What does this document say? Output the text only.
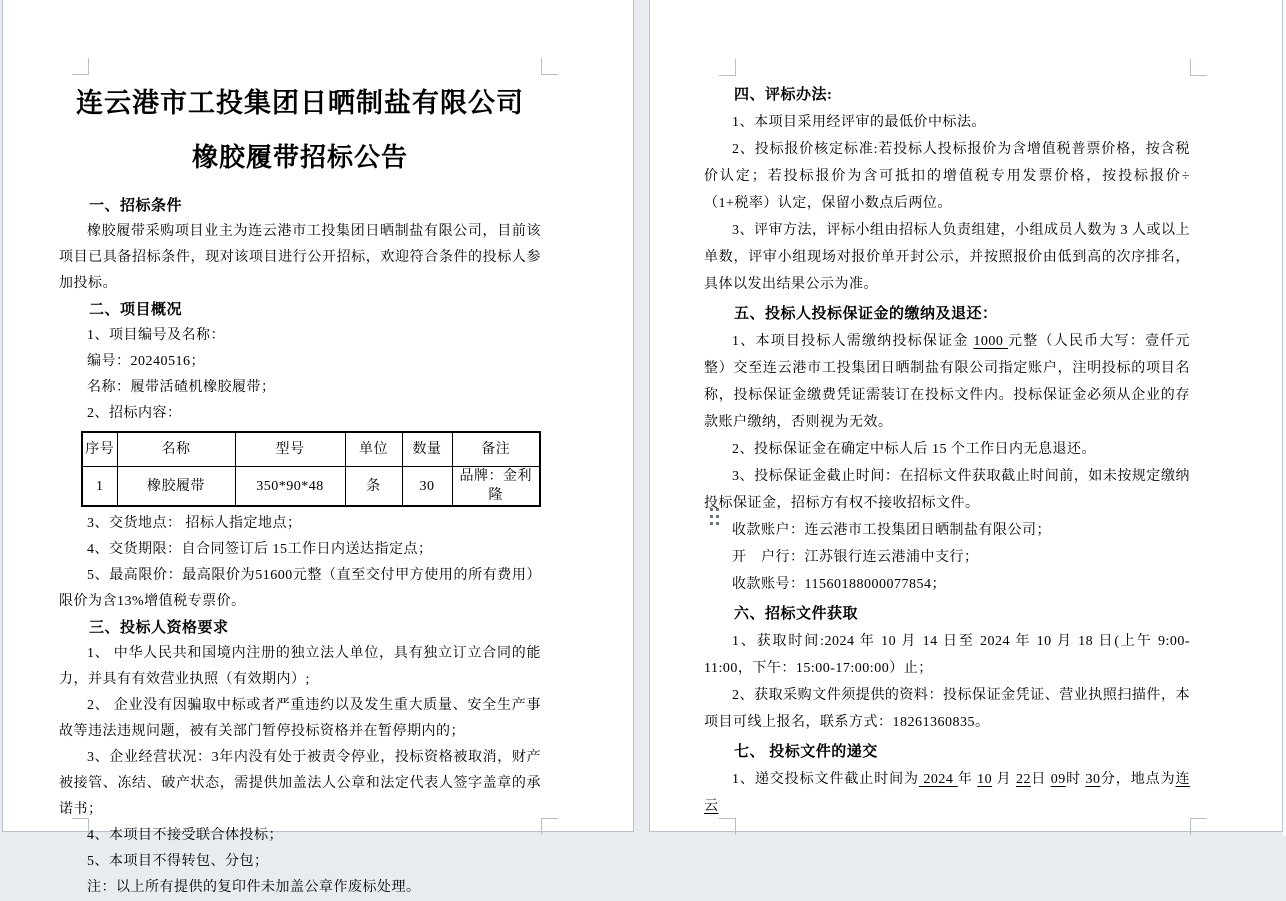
连云港市工投集团日晒制盐有限公司
橡胶履带招标公告

一、招标条件

橡胶履带采购项目业主为连云港市工投集团日晒制盐有限公司，目前该项目已具备招标条件，现对该项目进行公开招标，欢迎符合条件的投标人参加投标。

二、项目概况

1、项目编号及名称：

编号：20240516；

名称：履带活碴机橡胶履带；

2、招标内容：

序号	名称	型号	单位	数量	备注
1	橡胶履带	350*90*48	条	30	品牌：金利隆

3、交货地点： 招标人指定地点；

4、交货期限：自合同签订后 15工作日内送达指定点；

5、最高限价：最高限价为51600元整（直至交付甲方使用的所有费用）限价为含13%增值税专票价。

三、投标人资格要求

1、 中华人民共和国境内注册的独立法人单位，具有独立订立合同的能力，并具有有效营业执照（有效期内）;

2、 企业没有因骗取中标或者严重违约以及发生重大质量、安全生产事故等违法违规问题，被有关部门暂停投标资格并在暂停期内的；

3、企业经营状况：3年内没有处于被责令停业，投标资格被取消，财产被接管、冻结、破产状态，需提供加盖法人公章和法定代表人签字盖章的承诺书；

4、本项目不接受联合体投标；

5、本项目不得转包、分包；

注：以上所有提供的复印件未加盖公章作废标处理。

四、评标办法:

1、本项目采用经评审的最低价中标法。

2、投标报价核定标准:若投标人投标报价为含增值税普票价格，按含税价认定；若投标报价为含可抵扣的增值税专用发票价格，按投标报价÷（1+税率）认定，保留小数点后两位。

3、评审方法，评标小组由招标人负责组建，小组成员人数为 3 人或以上单数，评审小组现场对报价单开封公示，并按照报价由低到高的次序排名，具体以发出结果公示为准。

五、投标人投标保证金的缴纳及退还：

1、本项目投标人需缴纳投标保证金 1000 元整（人民币大写：壹仟元整）交至连云港市工投集团日晒制盐有限公司指定账户，注明投标的项目名称，投标保证金缴费凭证需装订在投标文件内。投标保证金必须从企业的存款账户缴纳，否则视为无效。

2、投标保证金在确定中标人后 15 个工作日内无息退还。

3、投标保证金截止时间：在招标文件获取截止时间前，如未按规定缴纳投标保证金，招标方有权不接收招标文件。

收款账户：连云港市工投集团日晒制盐有限公司；

开　户行：江苏银行连云港浦中支行；

收款账号：11560188000077854；

六、招标文件获取

1、获取时间:2024 年 10 月 14 日至 2024 年 10 月 18 日(上午 9:00-11:00，下午：15:00-17:00:00）止；

2、获取采购文件须提供的资料：投标保证金凭证、营业执照扫描件，本项目可线上报名，联系方式：18261360835。

七、 投标文件的递交

1、递交投标文件截止时间为 2024 年 10 月 22日 09时 30分，地点为连云
